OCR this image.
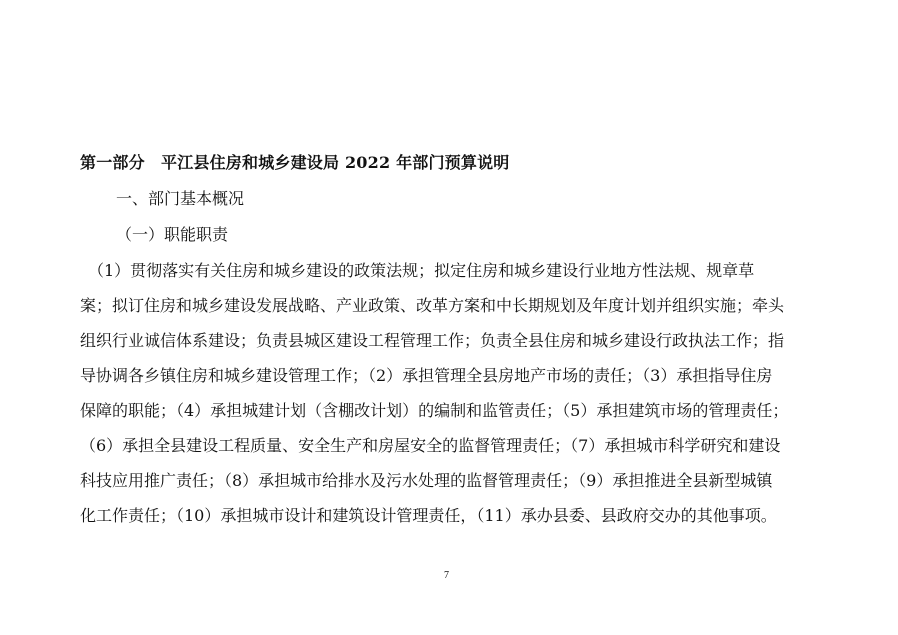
第一部分　平江县住房和城乡建设局 2022 年部门预算说明
一、部门基本概况
（一）职能职责
　（1）贯彻落实有关住房和城乡建设的政策法规；拟定住房和城乡建设行业地方性法规、规章草
案；拟订住房和城乡建设发展战略、产业政策、改革方案和中长期规划及年度计划并组织实施；牵头
组织行业诚信体系建设；负责县城区建设工程管理工作；负责全县住房和城乡建设行政执法工作；指
导协调各乡镇住房和城乡建设管理工作；（2）承担管理全县房地产市场的责任；（3）承担指导住房
保障的职能；（4）承担城建计划（含棚改计划）的编制和监管责任；（5）承担建筑市场的管理责任；
（6）承担全县建设工程质量、安全生产和房屋安全的监督管理责任；（7）承担城市科学研究和建设
科技应用推广责任；（8）承担城市给排水及污水处理的监督管理责任；（9）承担推进全县新型城镇
化工作责任；（10）承担城市设计和建筑设计管理责任，（11）承办县委、县政府交办的其他事项。
7
